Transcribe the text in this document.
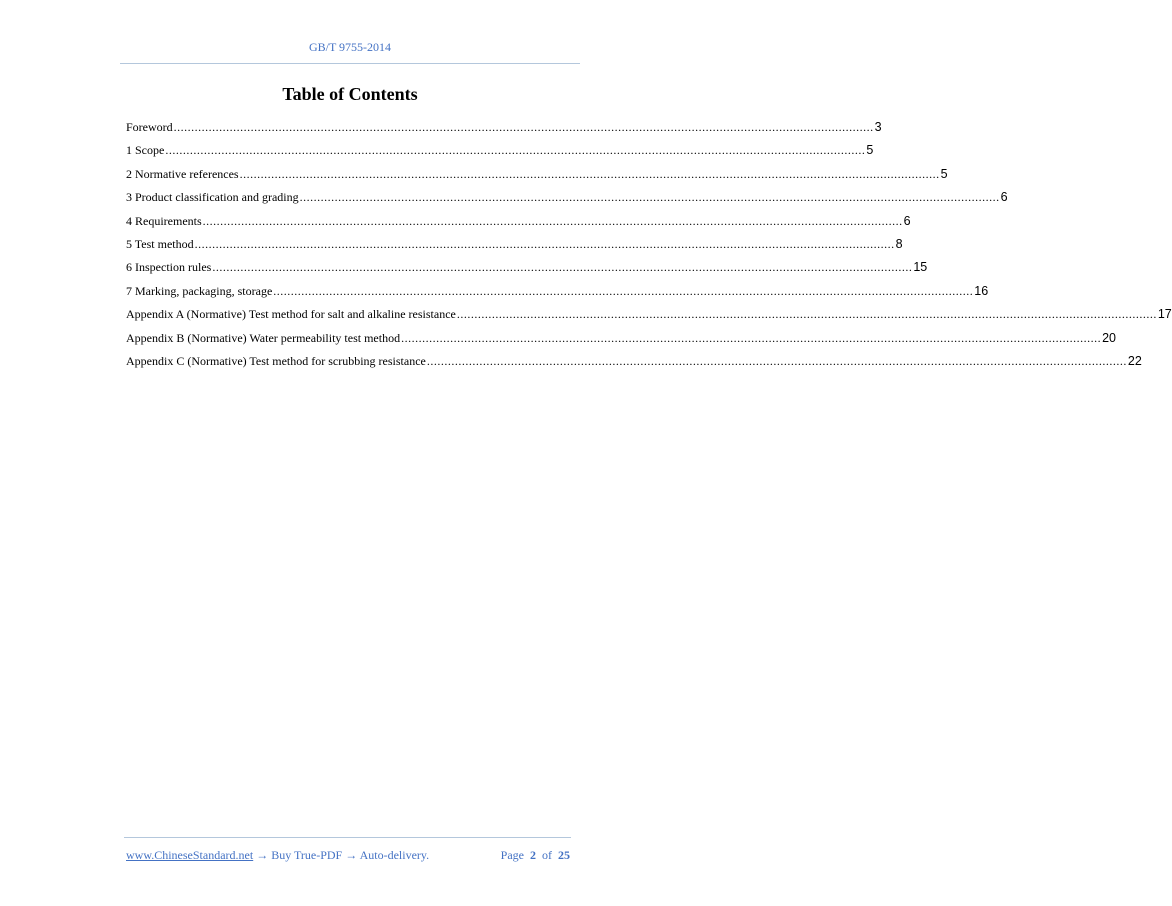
GB/T 9755-2014
Table of Contents
Foreword ........................................................................................................................................................................................................ 3
1 Scope ........................................................................................................................................................................................................ 5
2 Normative references ........................................................................................................................................................................................................ 5
3 Product classification and grading ........................................................................................................................................................................................................ 6
4 Requirements ........................................................................................................................................................................................................ 6
5 Test method ........................................................................................................................................................................................................ 8
6 Inspection rules ........................................................................................................................................................................................................ 15
7 Marking, packaging, storage ........................................................................................................................................................................................................ 16
Appendix A (Normative) Test method for salt and alkaline resistance ........................................................................................................................................................................................................ 17
Appendix B (Normative) Water permeability test method ........................................................................................................................................................................................................ 20
Appendix C (Normative) Test method for scrubbing resistance ........................................................................................................................................................................................................ 22
www.ChineseStandard.net → Buy True-PDF → Auto-delivery.	Page 2 of 25
